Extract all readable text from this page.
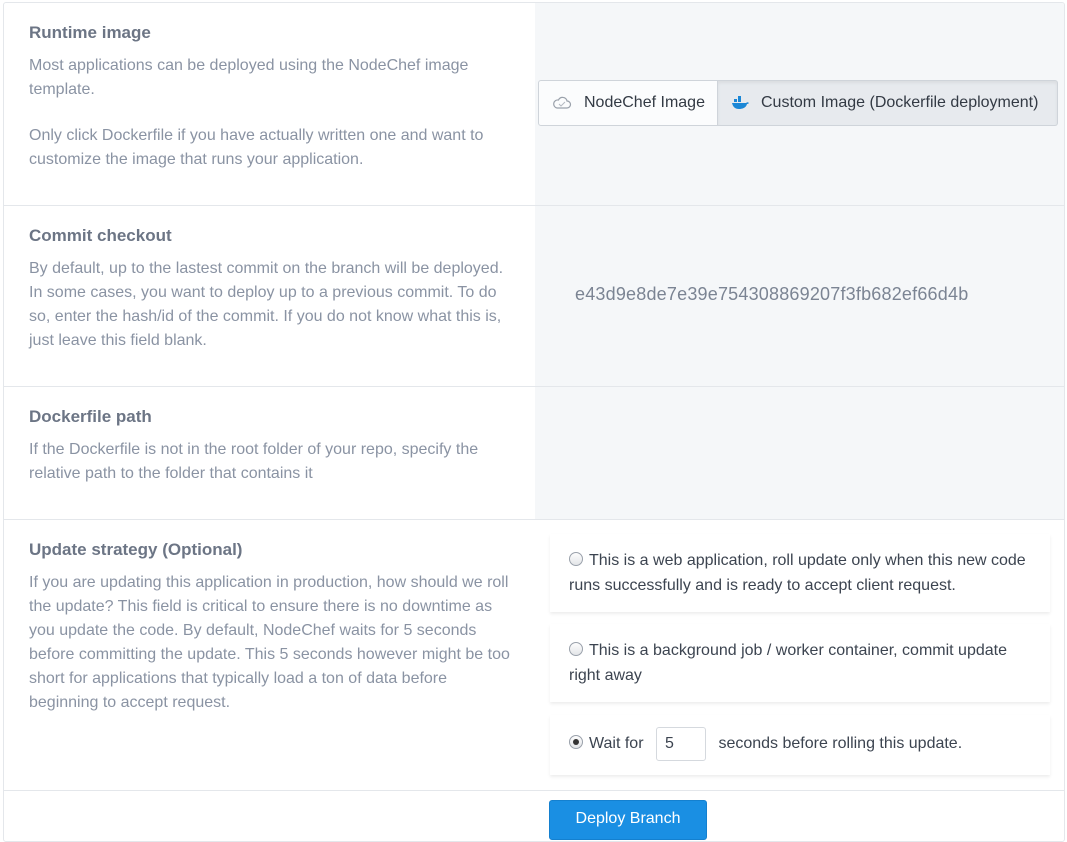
Runtime image
Most applications can be deployed using the NodeChef image template.
Only click Dockerfile if you have actually written one and want to customize the image that runs your application.
NodeChef Image	Custom Image (Dockerfile deployment)
Commit checkout
By default, up to the lastest commit on the branch will be deployed. In some cases, you want to deploy up to a previous commit. To do so, enter the hash/id of the commit. If you do not know what this is, just leave this field blank.
e43d9e8de7e39e754308869207f3fb682ef66d4b
Dockerfile path
If the Dockerfile is not in the root folder of your repo, specify the relative path to the folder that contains it
Update strategy (Optional)
If you are updating this application in production, how should we roll the update? This field is critical to ensure there is no downtime as you update the code. By default, NodeChef waits for 5 seconds before committing the update. This 5 seconds however might be too short for applications that typically load a ton of data before beginning to accept request.
This is a web application, roll update only when this new code runs successfully and is ready to accept client request.
This is a background job / worker container, commit update right away
Wait for 5	seconds before rolling this update.
Deploy Branch
